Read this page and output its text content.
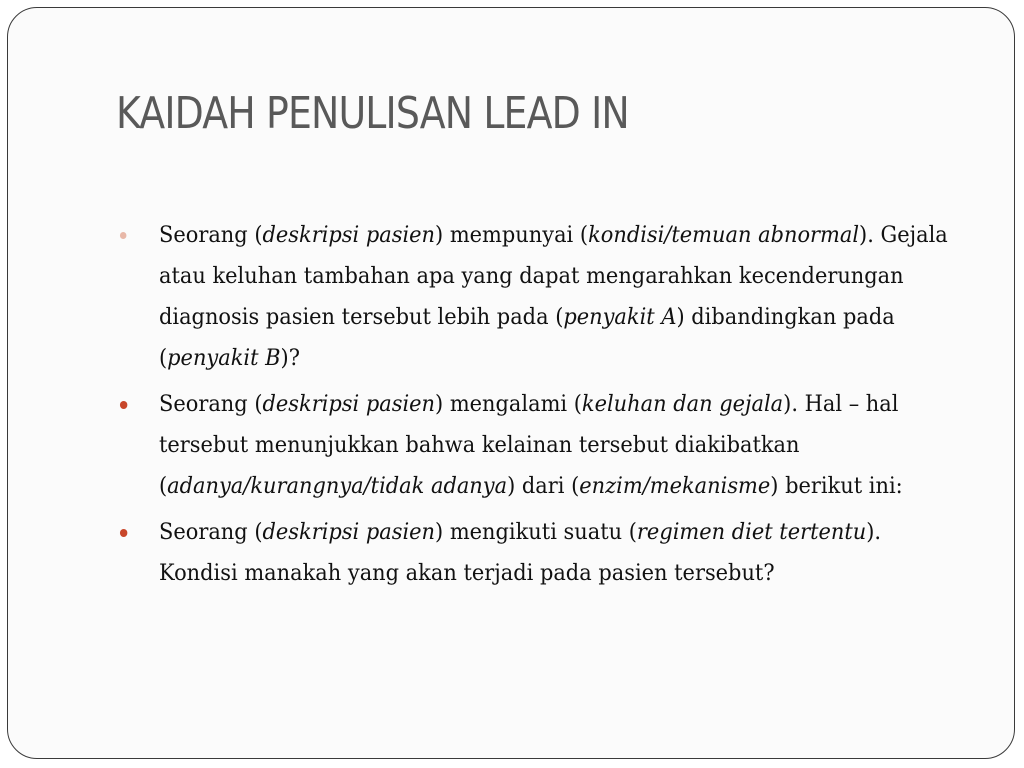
KAIDAH PENULISAN LEAD IN
Seorang (deskripsi pasien) mempunyai (kondisi/temuan abnormal). Gejala atau keluhan tambahan apa yang dapat mengarahkan kecenderungan diagnosis pasien tersebut lebih pada (penyakit A) dibandingkan pada (penyakit B)?
Seorang (deskripsi pasien) mengalami (keluhan dan gejala). Hal – hal tersebut menunjukkan bahwa kelainan tersebut diakibatkan (adanya/kurangnya/tidak adanya) dari (enzim/mekanisme) berikut ini:
Seorang (deskripsi pasien) mengikuti suatu (regimen diet tertentu). Kondisi manakah yang akan terjadi pada pasien tersebut?
